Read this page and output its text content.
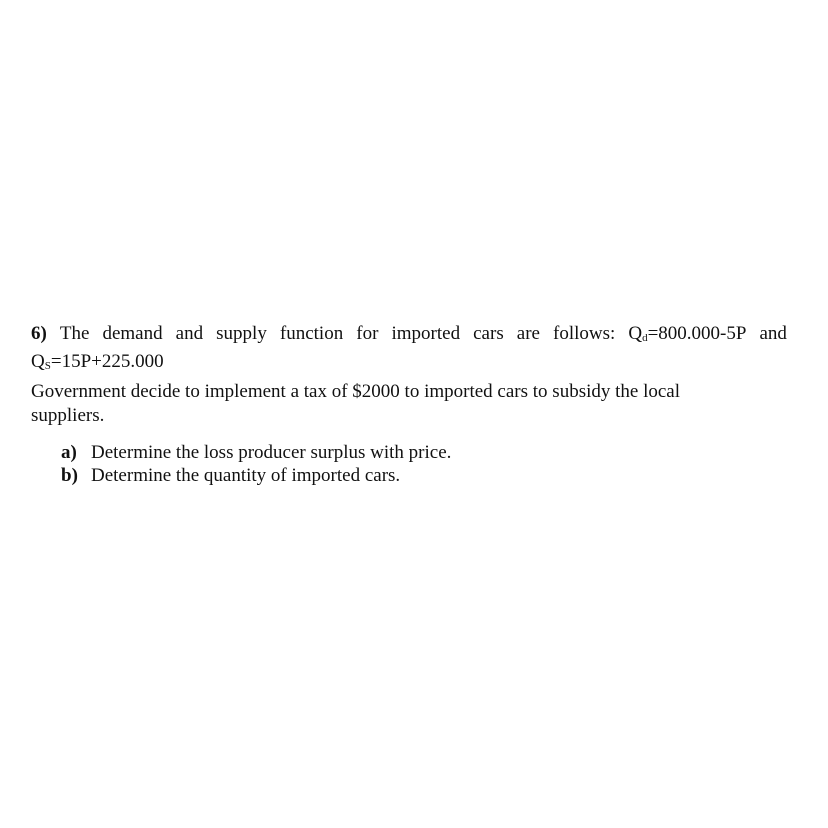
6) The demand and supply function for imported cars are follows: Qd=800.000-5P and
QS=15P+225.000
Government decide to implement a tax of $2000 to imported cars to subsidy the local
suppliers.
a) Determine the loss producer surplus with price.
b) Determine the quantity of imported cars.
